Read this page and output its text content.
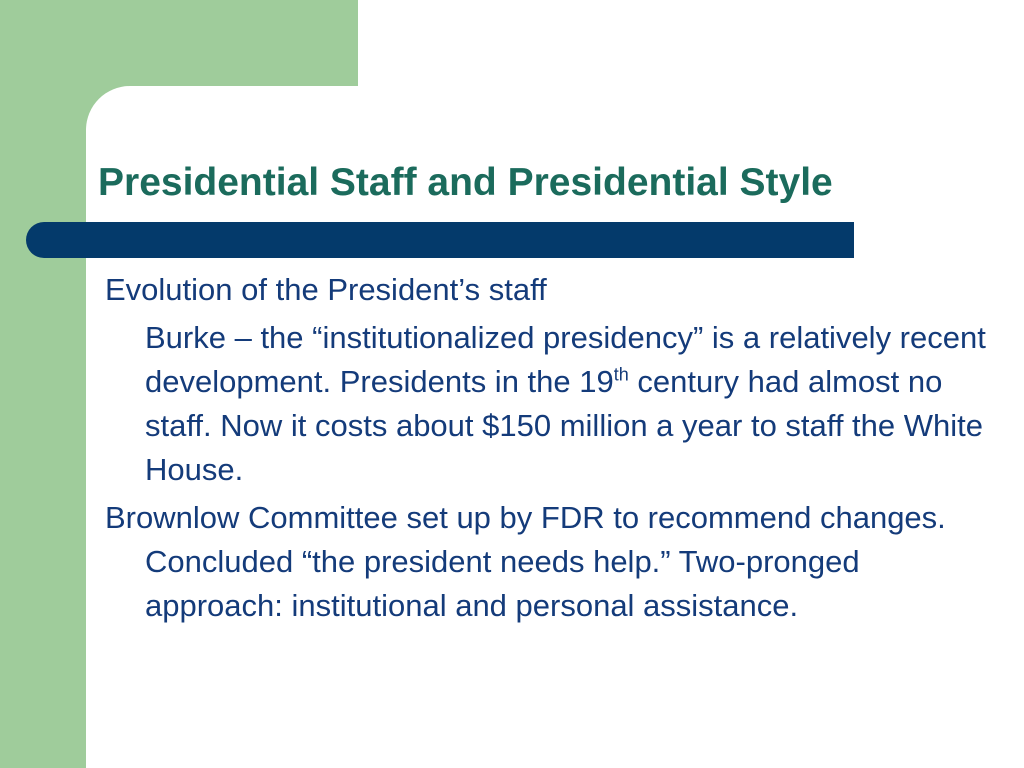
Presidential Staff and Presidential Style

Evolution of the President’s staff

Burke – the “institutionalized presidency” is a relatively recent development. Presidents in the 19th century had almost no staff. Now it costs about $150 million a year to staff the White House.

Brownlow Committee set up by FDR to recommend changes. Concluded “the president needs help.” Two-pronged approach: institutional and personal assistance.
